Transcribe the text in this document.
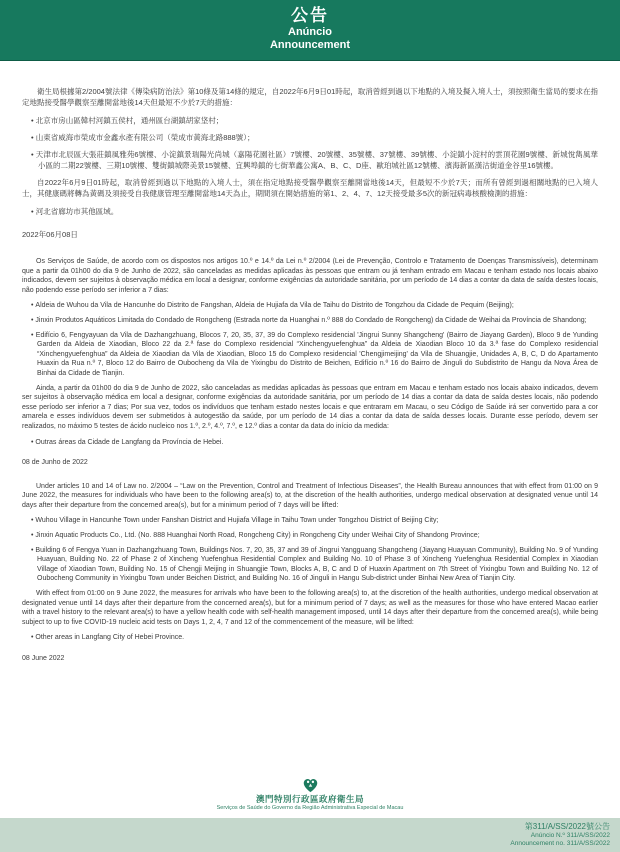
公告
Anúncio
Announcement

衛生局根據第2/2004號法律《傳染病防治法》第10條及第14條的規定，自2022年6月9日01時起，取消曾經到過以下地點的入境及擬入境人士，須按照衛生當局的要求在指定地點接受醫學觀察至離開當地後14天但最短不少於7天的措施：

• 北京市房山區韓村河鎮五侯村，通州區台湖鎮胡家垡村；
• 山東省威海市榮成市金鑫水產有限公司（榮成市黃海北路888號）；
• 天津市北辰區大張莊鎮風雅苑6號樓、小淀鎮景瑞陽光尚城（嘉陽花園社區）7號樓、20號樓、35號樓、37號樓、39號樓、小淀鎮小淀村的雲頂花園9號樓、新城悅雋風華小區的二期22號樓、三期10號樓、雙街鎮城際美景15號樓、宜興埠鎮的七街華鑫公寓A、B、C、D座、歐珀城社區12號樓、濱海新區漢沽街道金谷里16號樓。

自2022年6月9日01時起，取消曾經到過以下地點的入境人士，須在指定地點接受醫學觀察至離開當地後14天，但最短不少於7天；而所有曾經到過相關地點的已入境人士，其健康碼將轉為黃碼及須接受自我健康管理至離開當地14天為止，期間須在開始措施的第1、2、4、7、12天接受最多5次的新冠病毒核酸檢測的措施：

• 河北省廊坊市其他區域。

2022年06月08日

Os Serviços de Saúde, de acordo com os dispostos nos artigos 10.º e 14.º da Lei n.º 2/2004 (Lei de Prevenção, Controlo e Tratamento de Doenças Transmissíveis), determinam que a partir da 01h00 do dia 9 de Junho de 2022, são canceladas as medidas aplicadas às pessoas que entram ou já tenham entrado em Macau e tenham estado nos locais abaixo indicados, devem ser sujeitos à observação médica em local a designar, conforme exigências da autoridade sanitária, por um período de 14 dias a contar da data de saída destes locais, não podendo esse período ser inferior a 7 dias:

• Aldeia de Wuhou da Vila de Hancunhe do Distrito de Fangshan, Aldeia de Hujiafa da Vila de Taihu do Distrito de Tongzhou da Cidade de Pequim (Beijing);
• Jinxin Produtos Aquáticos Limitada do Condado de Rongcheng (Estrada norte da Huanghai n.º 888 do Condado de Rongcheng) da Cidade de Weihai da Província de Shandong;
• Edifício 6, Fengyayuan da Vila de Dazhangzhuang, Blocos 7, 20, 35, 37, 39 do Complexo residencial 'Jingrui Sunny Shangcheng' (Bairro de Jiayang Garden), Bloco 9 de Yunding Garden da Aldeia de Xiaodian, Bloco 22 da 2.ª fase do Complexo residencial “Xinchengyuefenghua” da Aldeia de Xiaodian Bloco 10 da 3.ª fase do Complexo residencial “Xinchengyuefenghua” da Aldeia de Xiaodian da Vila de Xiaodian, Bloco 15 do Complexo residencial 'Chengjimeijing' da Vila de Shuangjie, Unidades A, B, C, D do Apartamento Huaxin da Rua n.º 7, Bloco 12 do Bairro de Oubocheng da Vila de Yixingbu do Distrito de Beichen, Edifício n.º 16 do Bairro de Jinguli do Subdistrito de Hangu da Nova Área de Binhai da Cidade de Tianjin.

Ainda, a partir da 01h00 do dia 9 de Junho de 2022, são canceladas as medidas aplicadas às pessoas que entram em Macau e tenham estado nos locais abaixo indicados, devem ser sujeitos à observação médica em local a designar, conforme exigências da autoridade sanitária, por um período de 14 dias a contar da data de saída destes locais, não podendo esse período ser inferior a 7 dias; Por sua vez, todos os indivíduos que tenham estado nestes locais e que entraram em Macau, o seu Código de Saúde irá ser convertido para a cor amarela e esses indivíduos devem ser submetidos à autogestão da saúde, por um período de 14 dias a contar da data de saída desses locais. Durante esse período, devem ser realizados, no máximo 5 testes de ácido nucleico nos 1.º, 2.º, 4.º, 7.º, e 12.º dias a contar da data do início da medida:

• Outras áreas da Cidade de Langfang da Província de Hebei.

08 de Junho de 2022

Under articles 10 and 14 of Law no. 2/2004 – “Law on the Prevention, Control and Treatment of Infectious Diseases”, the Health Bureau announces that with effect from 01:00 on 9 June 2022, the measures for individuals who have been to the following area(s) to, at the discretion of the health authorities, undergo medical observation at designated venue until 14 days after their departure from the concerned area(s), but for a minimum period of 7 days will be lifted:

• Wuhou Village in Hancunhe Town under Fanshan District and Hujiafa Village in Taihu Town under Tongzhou District of Beijing City;
• Jinxin Aquatic Products Co., Ltd. (No. 888 Huanghai North Road, Rongcheng City) in Rongcheng City under Weihai City of Shandong Province;
• Building 6 of Fengya Yuan in Dazhangzhuang Town, Buildings Nos. 7, 20, 35, 37 and 39 of Jingrui Yangguang Shangcheng (Jiayang Huayuan Community), Building No. 9 of Yunding Huayuan, Building No. 22 of Phase 2 of Xincheng Yuefenghua Residential Complex and Building No. 10 of Phase 3 of Xincheng Yuefenghua Residential Complex in Xiaodian Village of Xiaodian Town, Building No. 15 of Chengji Meijing in Shuangjie Town, Blocks A, B, C and D of Huaxin Apartment on 7th Street of Yixingbu Town and Building No. 12 of Oubocheng Community in Yixingbu Town under Beichen District, and Building No. 16 of Jinguli in Hangu Sub-district under Binhai New Area of Tianjin City.

With effect from 01:00 on 9 June 2022, the measures for arrivals who have been to the following area(s) to, at the discretion of the health authorities, undergo medical observation at designated venue until 14 days after their departure from the concerned area(s), but for a minimum period of 7 days; as well as the measures for those who have entered Macao earlier with a travel history to the relevant area(s) to have a yellow health code with self-health management imposed, until 14 days after their departure from the concerned area(s), while being subject to up to five COVID-19 nucleic acid tests on Days 1, 2, 4, 7 and 12 of the commencement of the measure, will be lifted:

• Other areas in Langfang City of Hebei Province.

08 June 2022

澳門特別行政區政府衛生局
Serviços de Saúde do Governo da Região Administrativa Especial de Macau
第311/A/SS/2022號公告
Anúncio N.º 311/A/SS/2022
Announcement no. 311/A/SS/2022
